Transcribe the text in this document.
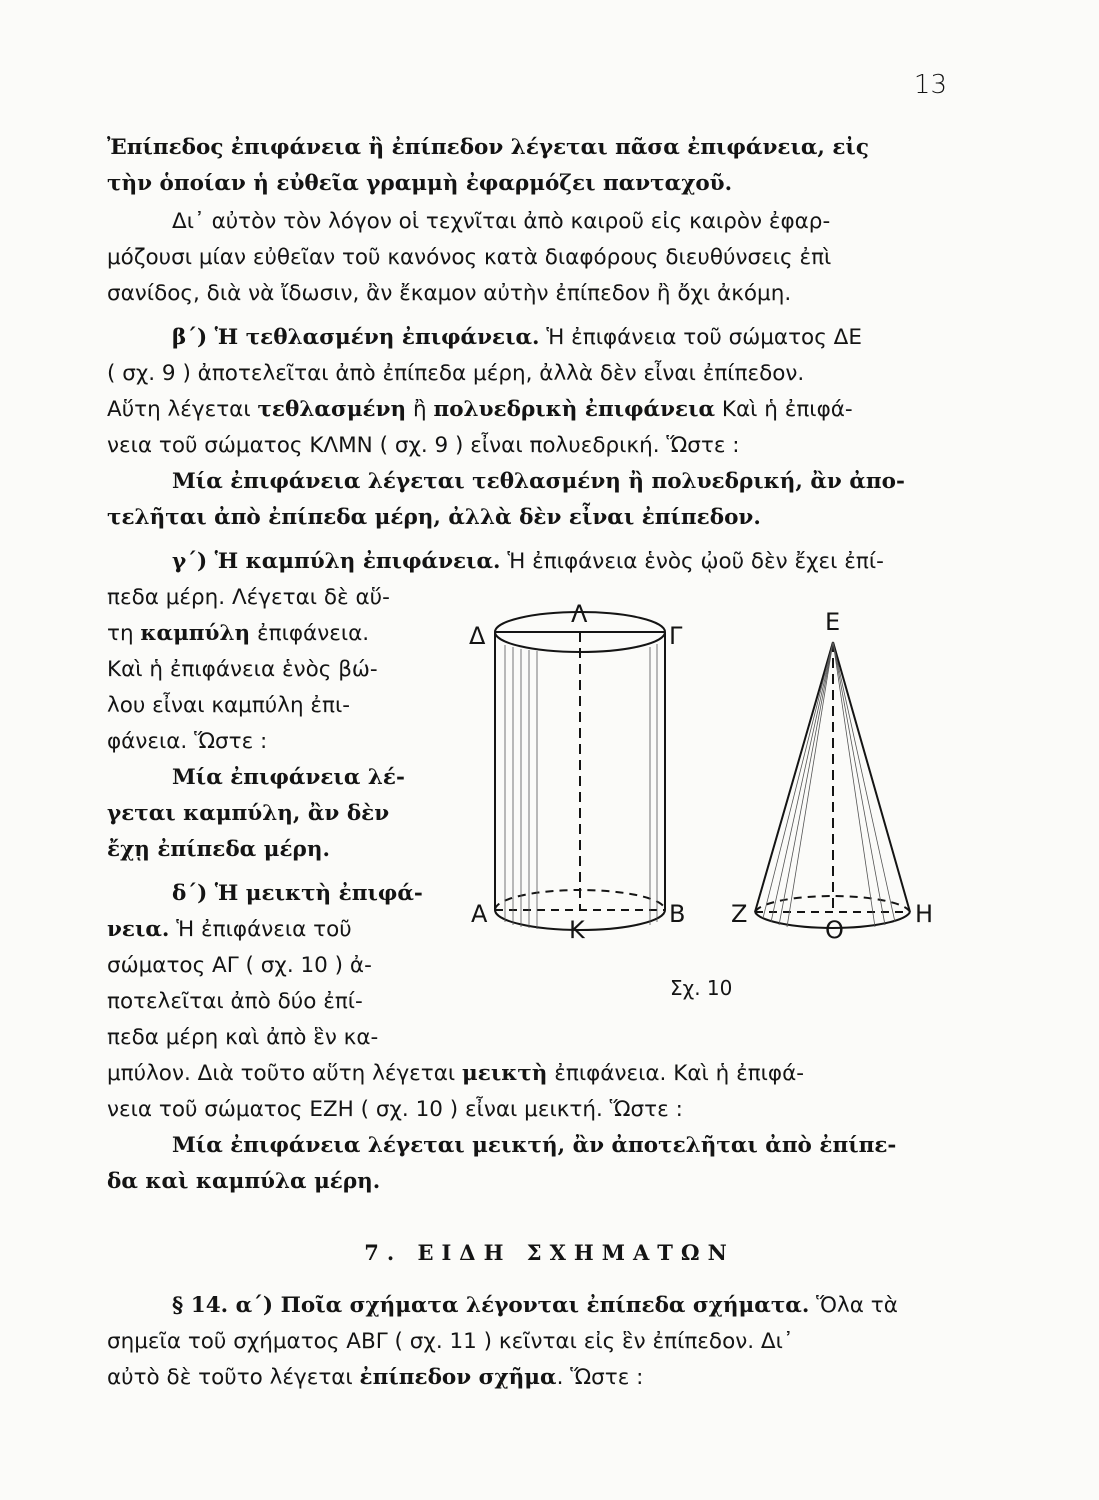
13
Ἐπίπεδος ἐπιφάνεια ἢ ἐπίπεδον λέγεται πᾶσα ἐπιφάνεια, εἰς
τὴν ὁποίαν ἡ εὐθεῖα γραμμὴ ἐφαρμόζει πανταχοῦ.
Δι᾽ αὐτὸν τὸν λόγον οἱ τεχνῖται ἀπὸ καιροῦ εἰς καιρὸν ἐφαρ-
μόζουσι μίαν εὐθεῖαν τοῦ κανόνος κατὰ διαφόρους διευθύνσεις ἐπὶ
σανίδος, διὰ νὰ ἴδωσιν, ἂν ἔκαμον αὐτὴν ἐπίπεδον ἢ ὄχι ἀκόμη.
β΄) Ἡ τεθλασμένη ἐπιφάνεια. Ἡ ἐπιφάνεια τοῦ σώματος ΔΕ
( σχ. 9 ) ἀποτελεῖται ἀπὸ ἐπίπεδα μέρη, ἀλλὰ δὲν εἶναι ἐπίπεδον.
Αὕτη λέγεται τεθλασμένη ἢ πολυεδρικὴ ἐπιφάνεια Καὶ ἡ ἐπιφά-
νεια τοῦ σώματος ΚΛΜΝ ( σχ. 9 ) εἶναι πολυεδρική. Ὥστε :
Μία ἐπιφάνεια λέγεται τεθλασμένη ἢ πολυεδρική, ἂν ἀπο-
τελῆται ἀπὸ ἐπίπεδα μέρη, ἀλλὰ δὲν εἶναι ἐπίπεδον.
γ΄) Ἡ καμπύλη ἐπιφάνεια. Ἡ ἐπιφάνεια ἑνὸς ᾠοῦ δὲν ἔχει ἐπί-
πεδα μέρη. Λέγεται δὲ αὕ-
τη καμπύλη ἐπιφάνεια.
Καὶ ἡ ἐπιφάνεια ἑνὸς βώ-
λου εἶναι καμπύλη ἐπι-
φάνεια. Ὥστε :
Μία ἐπιφάνεια λέ-
γεται καμπύλη, ἂν δὲν
ἔχῃ ἐπίπεδα μέρη.
δ΄) Ἡ μεικτὴ ἐπιφά-
νεια. Ἡ ἐπιφάνεια τοῦ
σώματος ΑΓ ( σχ. 10 ) ἀ-
ποτελεῖται ἀπὸ δύο ἐπί-
πεδα μέρη καὶ ἀπὸ ἓν κα-
μπύλον. Διὰ τοῦτο αὕτη λέγεται μεικτὴ ἐπιφάνεια. Καὶ ἡ ἐπιφά-
νεια τοῦ σώματος ΕΖΗ ( σχ. 10 ) εἶναι μεικτή. Ὥστε :
Μία ἐπιφάνεια λέγεται μεικτή, ἂν ἀποτελῆται ἀπὸ ἐπίπε-
δα καὶ καμπύλα μέρη.
7. ΕΙΔΗ ΣΧΗΜΑΤΩΝ
§ 14. α΄) Ποῖα σχήματα λέγονται ἐπίπεδα σχήματα. Ὅλα τὰ
σημεῖα τοῦ σχήματος ΑΒΓ ( σχ. 11 ) κεῖνται εἰς ἓν ἐπίπεδον. Δι᾽
αὐτὸ δὲ τοῦτο λέγεται ἐπίπεδον σχῆμα. Ὥστε :
Δ
Λ
Γ
Α
Κ
Β
Ε
Ζ
Ο
Η
Σχ. 10
